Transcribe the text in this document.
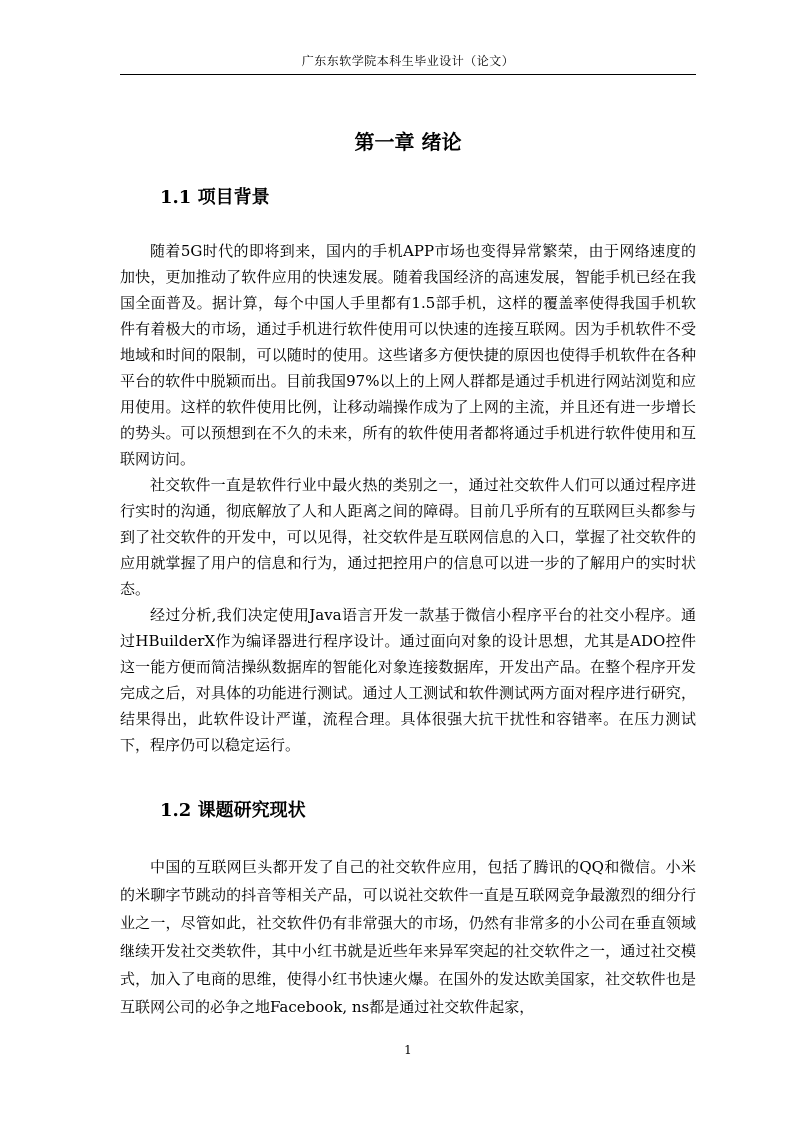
广东东软学院本科生毕业设计（论文）
第一章 绪论
1.1 项目背景

随着5G时代的即将到来，国内的手机APP市场也变得异常繁荣，由于网络速度的加快，更加推动了软件应用的快速发展。随着我国经济的高速发展，智能手机已经在我国全面普及。据计算，每个中国人手里都有1.5部手机，这样的覆盖率使得我国手机软件有着极大的市场，通过手机进行软件使用可以快速的连接互联网。因为手机软件不受地域和时间的限制，可以随时的使用。这些诸多方便快捷的原因也使得手机软件在各种平台的软件中脱颖而出。目前我国97%以上的上网人群都是通过手机进行网站浏览和应用使用。这样的软件使用比例，让移动端操作成为了上网的主流，并且还有进一步增长的势头。可以预想到在不久的未来，所有的软件使用者都将通过手机进行软件使用和互联网访问。

社交软件一直是软件行业中最火热的类别之一，通过社交软件人们可以通过程序进行实时的沟通，彻底解放了人和人距离之间的障碍。目前几乎所有的互联网巨头都参与到了社交软件的开发中，可以见得，社交软件是互联网信息的入口，掌握了社交软件的应用就掌握了用户的信息和行为，通过把控用户的信息可以进一步的了解用户的实时状态。

经过分析,我们决定使用Java语言开发一款基于微信小程序平台的社交小程序。通过HBuilderX作为编译器进行程序设计。通过面向对象的设计思想，尤其是ADO控件这一能方便而简洁操纵数据库的智能化对象连接数据库，开发出产品。在整个程序开发完成之后，对具体的功能进行测试。通过人工测试和软件测试两方面对程序进行研究，结果得出，此软件设计严谨，流程合理。具体很强大抗干扰性和容错率。在压力测试下，程序仍可以稳定运行。

1.2 课题研究现状

中国的互联网巨头都开发了自己的社交软件应用，包括了腾讯的QQ和微信。小米的米聊字节跳动的抖音等相关产品，可以说社交软件一直是互联网竞争最激烈的细分行业之一，尽管如此，社交软件仍有非常强大的市场，仍然有非常多的小公司在垂直领域继续开发社交类软件，其中小红书就是近些年来异军突起的社交软件之一，通过社交模式，加入了电商的思维，使得小红书快速火爆。在国外的发达欧美国家，社交软件也是互联网公司的必争之地Facebook, ns都是通过社交软件起家，

1
